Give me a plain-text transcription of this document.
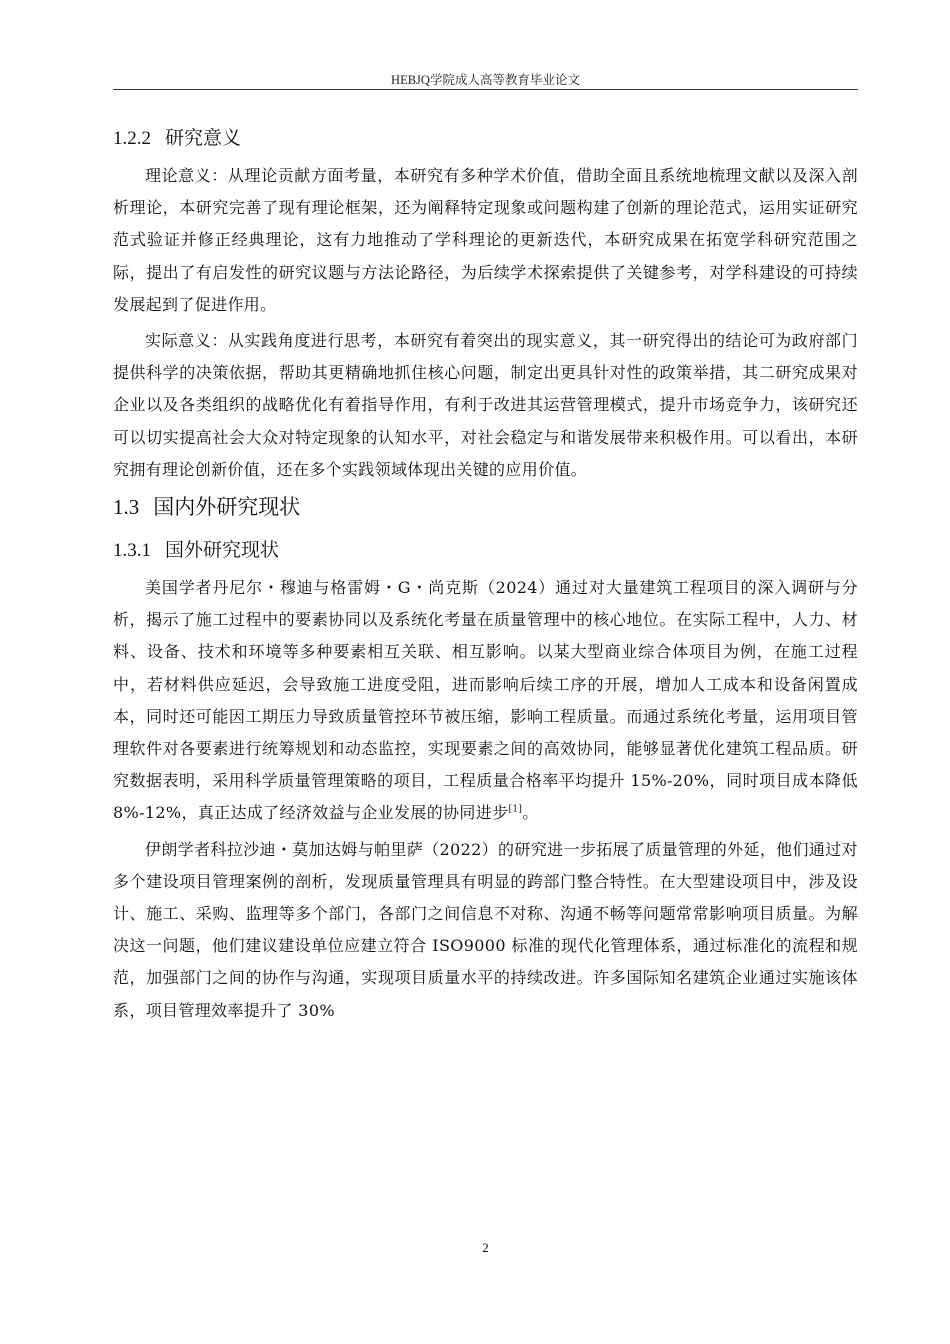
HEBJQ学院成人高等教育毕业论文
1.2.2 研究意义

理论意义：从理论贡献方面考量，本研究有多种学术价值，借助全面且系统地梳理文献以及深入剖析理论，本研究完善了现有理论框架，还为阐释特定现象或问题构建了创新的理论范式，运用实证研究范式验证并修正经典理论，这有力地推动了学科理论的更新迭代，本研究成果在拓宽学科研究范围之际，提出了有启发性的研究议题与方法论路径，为后续学术探索提供了关键参考，对学科建设的可持续发展起到了促进作用。

实际意义：从实践角度进行思考，本研究有着突出的现实意义，其一研究得出的结论可为政府部门提供科学的决策依据，帮助其更精确地抓住核心问题，制定出更具针对性的政策举措，其二研究成果对企业以及各类组织的战略优化有着指导作用，有利于改进其运营管理模式，提升市场竞争力，该研究还可以切实提高社会大众对特定现象的认知水平，对社会稳定与和谐发展带来积极作用。可以看出，本研究拥有理论创新价值，还在多个实践领域体现出关键的应用价值。

1.3 国内外研究现状
1.3.1 国外研究现状

美国学者丹尼尔・穆迪与格雷姆・G・尚克斯（2024）通过对大量建筑工程项目的深入调研与分析，揭示了施工过程中的要素协同以及系统化考量在质量管理中的核心地位。在实际工程中，人力、材料、设备、技术和环境等多种要素相互关联、相互影响。以某大型商业综合体项目为例，在施工过程中，若材料供应延迟，会导致施工进度受阻，进而影响后续工序的开展，增加人工成本和设备闲置成本，同时还可能因工期压力导致质量管控环节被压缩，影响工程质量。而通过系统化考量，运用项目管理软件对各要素进行统筹规划和动态监控，实现要素之间的高效协同，能够显著优化建筑工程品质。研究数据表明，采用科学质量管理策略的项目，工程质量合格率平均提升 15%-20%，同时项目成本降低 8%-12%，真正达成了经济效益与企业发展的协同进步[1]。

伊朗学者科拉沙迪・莫加达姆与帕里萨（2022）的研究进一步拓展了质量管理的外延，他们通过对多个建设项目管理案例的剖析，发现质量管理具有明显的跨部门整合特性。在大型建设项目中，涉及设计、施工、采购、监理等多个部门，各部门之间信息不对称、沟通不畅等问题常常影响项目质量。为解决这一问题，他们建议建设单位应建立符合 ISO9000 标准的现代化管理体系，通过标准化的流程和规范，加强部门之间的协作与沟通，实现项目质量水平的持续改进。许多国际知名建筑企业通过实施该体系，项目管理效率提升了 30%

2
